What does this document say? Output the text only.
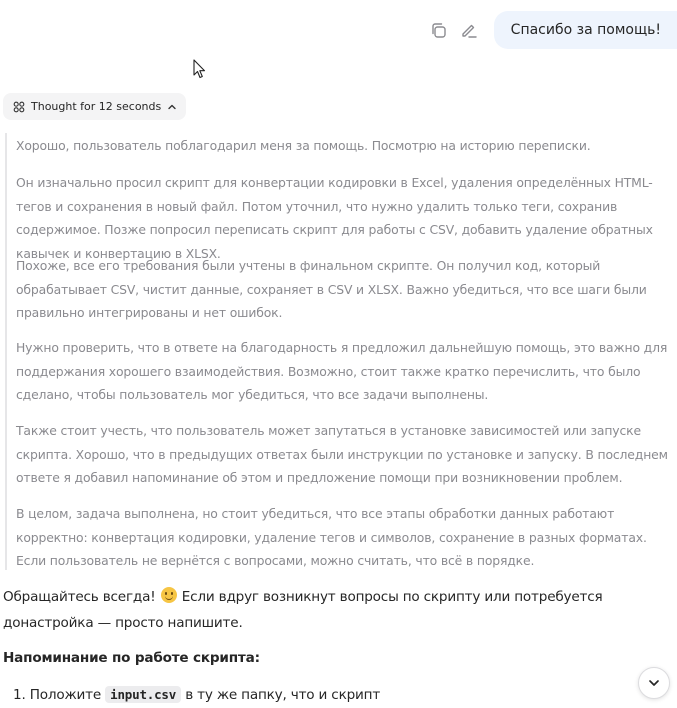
Спасибо за помощь!
Thought for 12 seconds

Хорошо, пользователь поблагодарил меня за помощь. Посмотрю на историю переписки.

Он изначально просил скрипт для конвертации кодировки в Excel, удаления определённых HTML-тегов и сохранения в новый файл. Потом уточнил, что нужно удалить только теги, сохранив содержимое. Позже попросил переписать скрипт для работы с CSV, добавить удаление обратных кавычек и конвертацию в XLSX.

Похоже, все его требования были учтены в финальном скрипте. Он получил код, который обрабатывает CSV, чистит данные, сохраняет в CSV и XLSX. Важно убедиться, что все шаги были правильно интегрированы и нет ошибок.

Нужно проверить, что в ответе на благодарность я предложил дальнейшую помощь, это важно для поддержания хорошего взаимодействия. Возможно, стоит также кратко перечислить, что было сделано, чтобы пользователь мог убедиться, что все задачи выполнены.

Также стоит учесть, что пользователь может запутаться в установке зависимостей или запуске скрипта. Хорошо, что в предыдущих ответах были инструкции по установке и запуску. В последнем ответе я добавил напоминание об этом и предложение помощи при возникновении проблем.

В целом, задача выполнена, но стоит убедиться, что все этапы обработки данных работают корректно: конвертация кодировки, удаление тегов и символов, сохранение в разных форматах. Если пользователь не вернётся с вопросами, можно считать, что всё в порядке.

Обращайтесь всегда! Если вдруг возникнут вопросы по скрипту или потребуется донастройка — просто напишите.

Напоминание по работе скрипта:
1. Положите input.csv в ту же папку, что и скрипт
